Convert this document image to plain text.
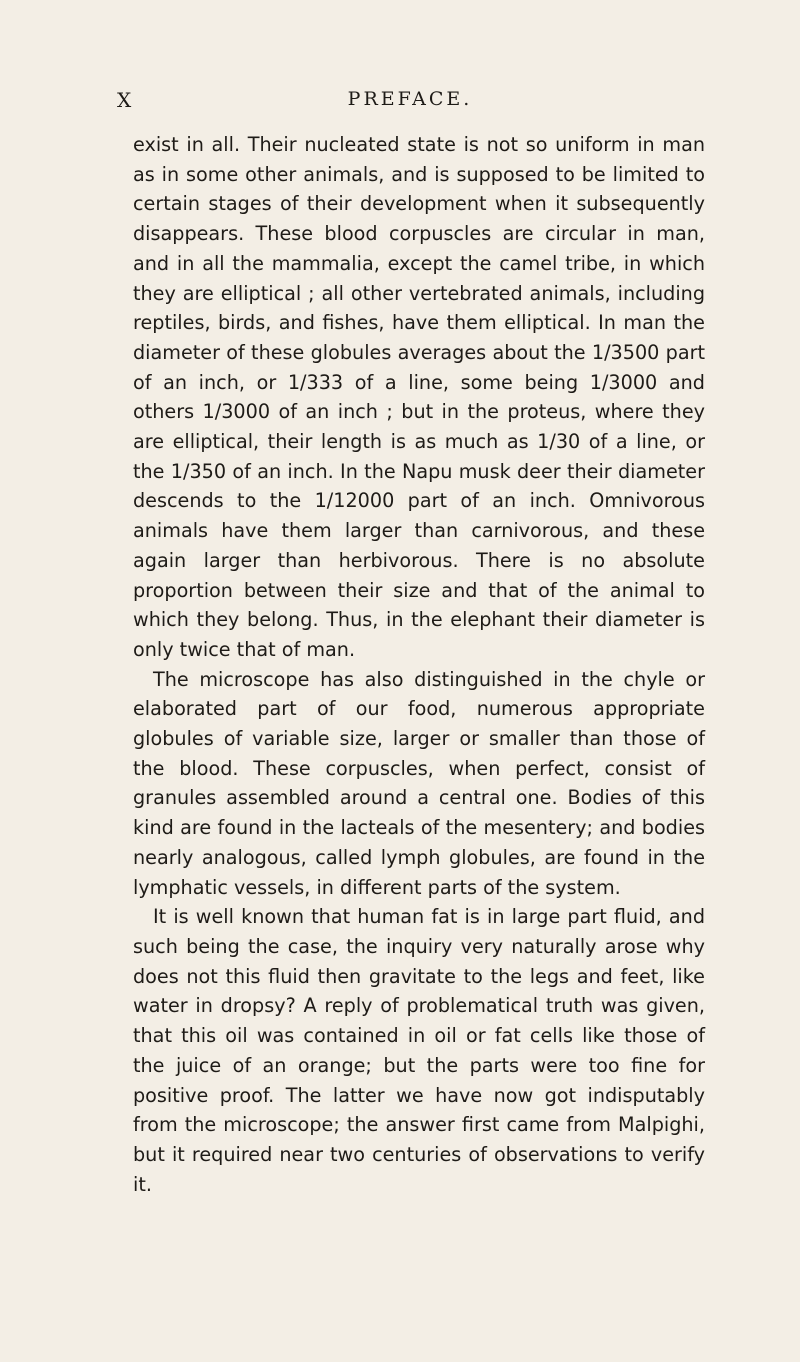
X	PREFACE.

exist in all. Their nucleated state is not so uniform in man as in some other animals, and is supposed to be limited to certain stages of their development when it subsequently disappears. These blood corpuscles are circular in man, and in all the mammalia, except the camel tribe, in which they are elliptical ; all other vertebrated animals, including reptiles, birds, and fishes, have them elliptical. In man the diameter of these globules averages about the 1/3500 part of an inch, or 1/333 of a line, some being 1/3000 and others 1/3000 of an inch ; but in the proteus, where they are elliptical, their length is as much as 1/30 of a line, or the 1/350 of an inch. In the Napu musk deer their diameter descends to the 1/12000 part of an inch. Omnivorous animals have them larger than carnivorous, and these again larger than herbivorous. There is no absolute proportion between their size and that of the animal to which they belong. Thus, in the elephant their diameter is only twice that of man.

The microscope has also distinguished in the chyle or elaborated part of our food, numerous appropriate globules of variable size, larger or smaller than those of the blood. These corpuscles, when perfect, consist of granules assembled around a central one. Bodies of this kind are found in the lacteals of the mesentery; and bodies nearly analogous, called lymph globules, are found in the lymphatic vessels, in different parts of the system.

It is well known that human fat is in large part fluid, and such being the case, the inquiry very naturally arose why does not this fluid then gravitate to the legs and feet, like water in dropsy? A reply of problematical truth was given, that this oil was contained in oil or fat cells like those of the juice of an orange; but the parts were too fine for positive proof. The latter we have now got indisputably from the microscope; the answer first came from Malpighi, but it required near two centuries of observations to verify it.
